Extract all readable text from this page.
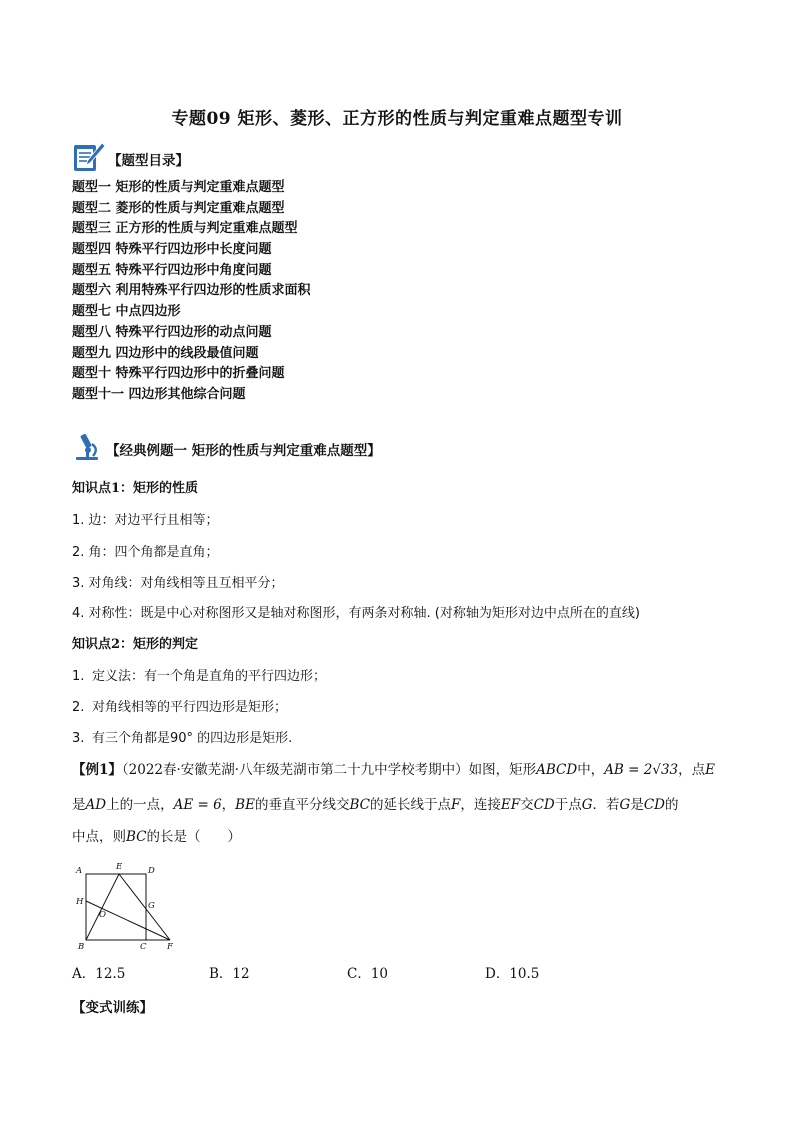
专题09 矩形、菱形、正方形的性质与判定重难点题型专训
【题型目录】
题型一 矩形的性质与判定重难点题型
题型二 菱形的性质与判定重难点题型
题型三 正方形的性质与判定重难点题型
题型四 特殊平行四边形中长度问题
题型五 特殊平行四边形中角度问题
题型六 利用特殊平行四边形的性质求面积
题型七 中点四边形
题型八 特殊平行四边形的动点问题
题型九 四边形中的线段最值问题
题型十 特殊平行四边形中的折叠问题
题型十一 四边形其他综合问题
【经典例题一 矩形的性质与判定重难点题型】
知识点1：矩形的性质
1. 边：对边平行且相等；
2. 角：四个角都是直角；
3. 对角线：对角线相等且互相平分；
4. 对称性：既是中心对称图形又是轴对称图形，有两条对称轴. (对称轴为矩形对边中点所在的直线)
知识点2：矩形的判定
1. 定义法：有一个角是直角的平行四边形；
2. 对角线相等的平行四边形是矩形；
3. 有三个角都是90° 的四边形是矩形.
【例1】（2022春·安徽芜湖·八年级芜湖市第二十九中学校考期中）如图，矩形ABCD中，AB = 2√33，点E
是AD上的一点，AE = 6，BE的垂直平分线交BC的延长线于点F，连接EF交CD于点G．若G是CD的
中点，则BC的长是（　　）
A	E	D
H
O
G
B	C F
A．12.5	B．12	C．10	D．10.5
【变式训练】
